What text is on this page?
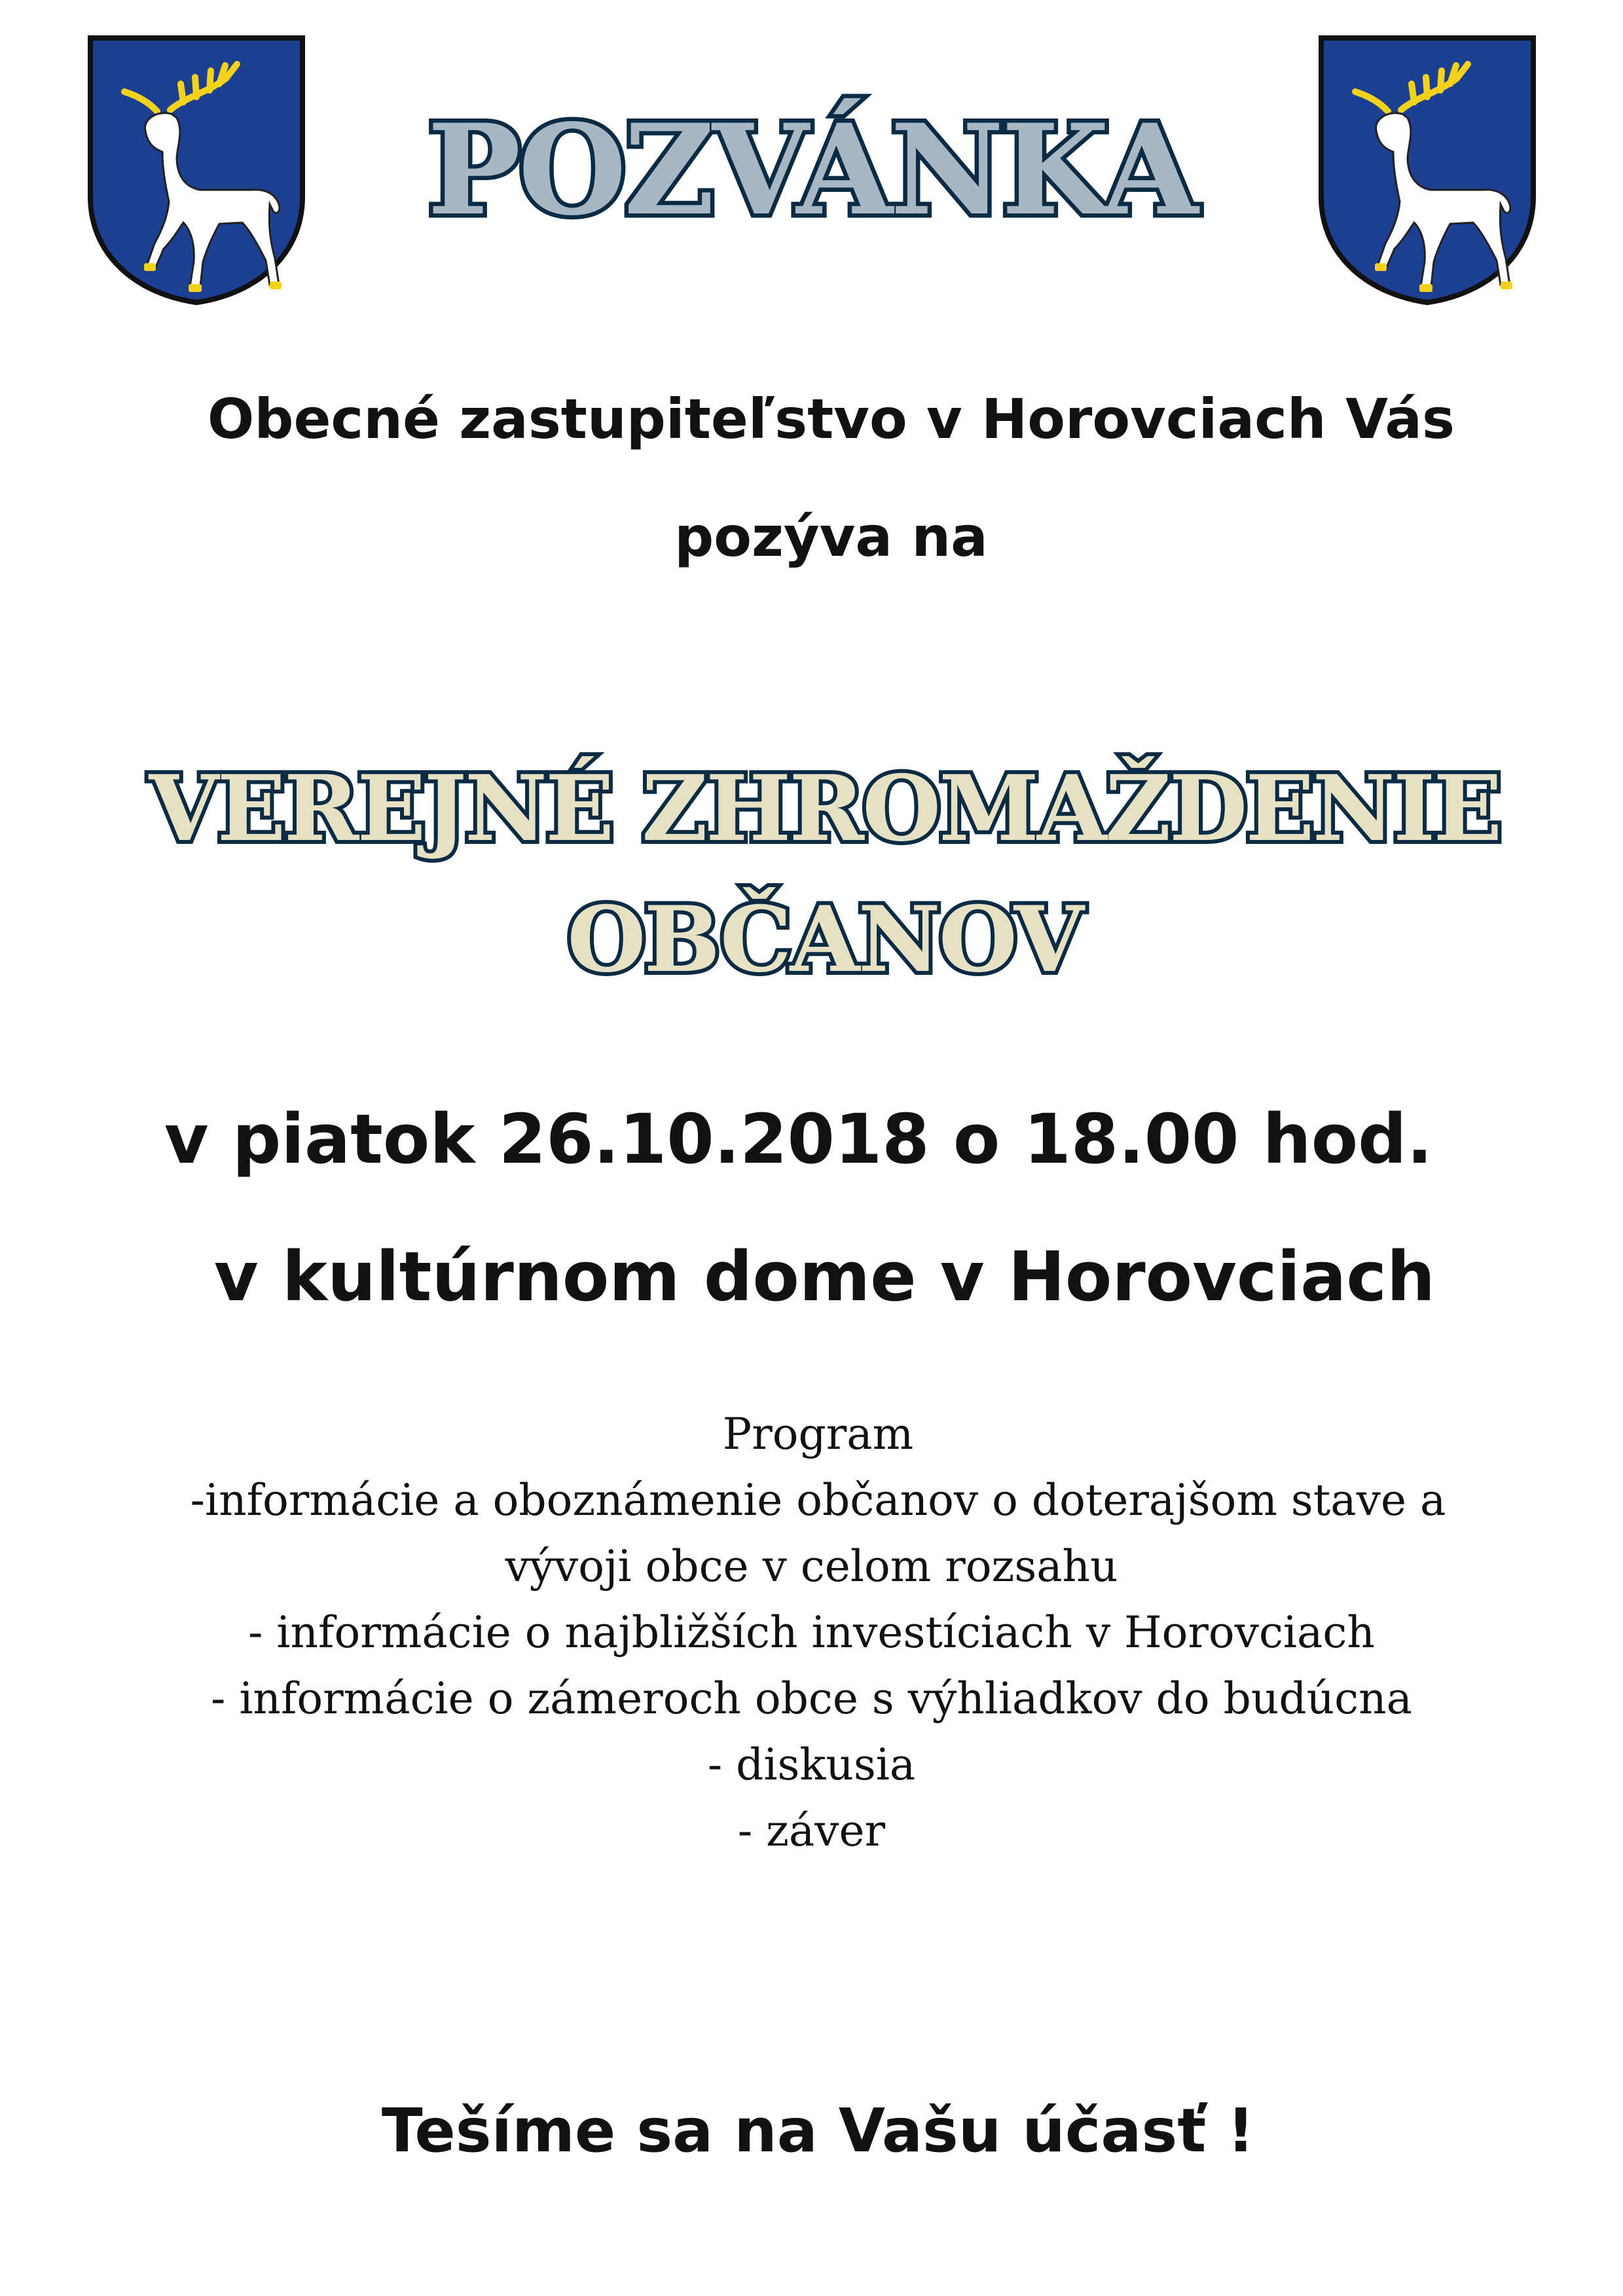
POZVÁNKA
Obecné zastupiteľstvo v Horovciach Vás
pozýva na
VEREJNÉ ZHROMAŽDENIE
OBČANOV
v piatok 26.10.2018 o 18.00 hod.
v kultúrnom dome v Horovciach
Program
-informácie a oboznámenie občanov o doterajšom stave a
vývoji obce v celom rozsahu
- informácie o najbližších investíciach v Horovciach
- informácie o zámeroch obce s výhliadkov do budúcna
- diskusia
- záver
Tešíme sa na Vašu účasť !
